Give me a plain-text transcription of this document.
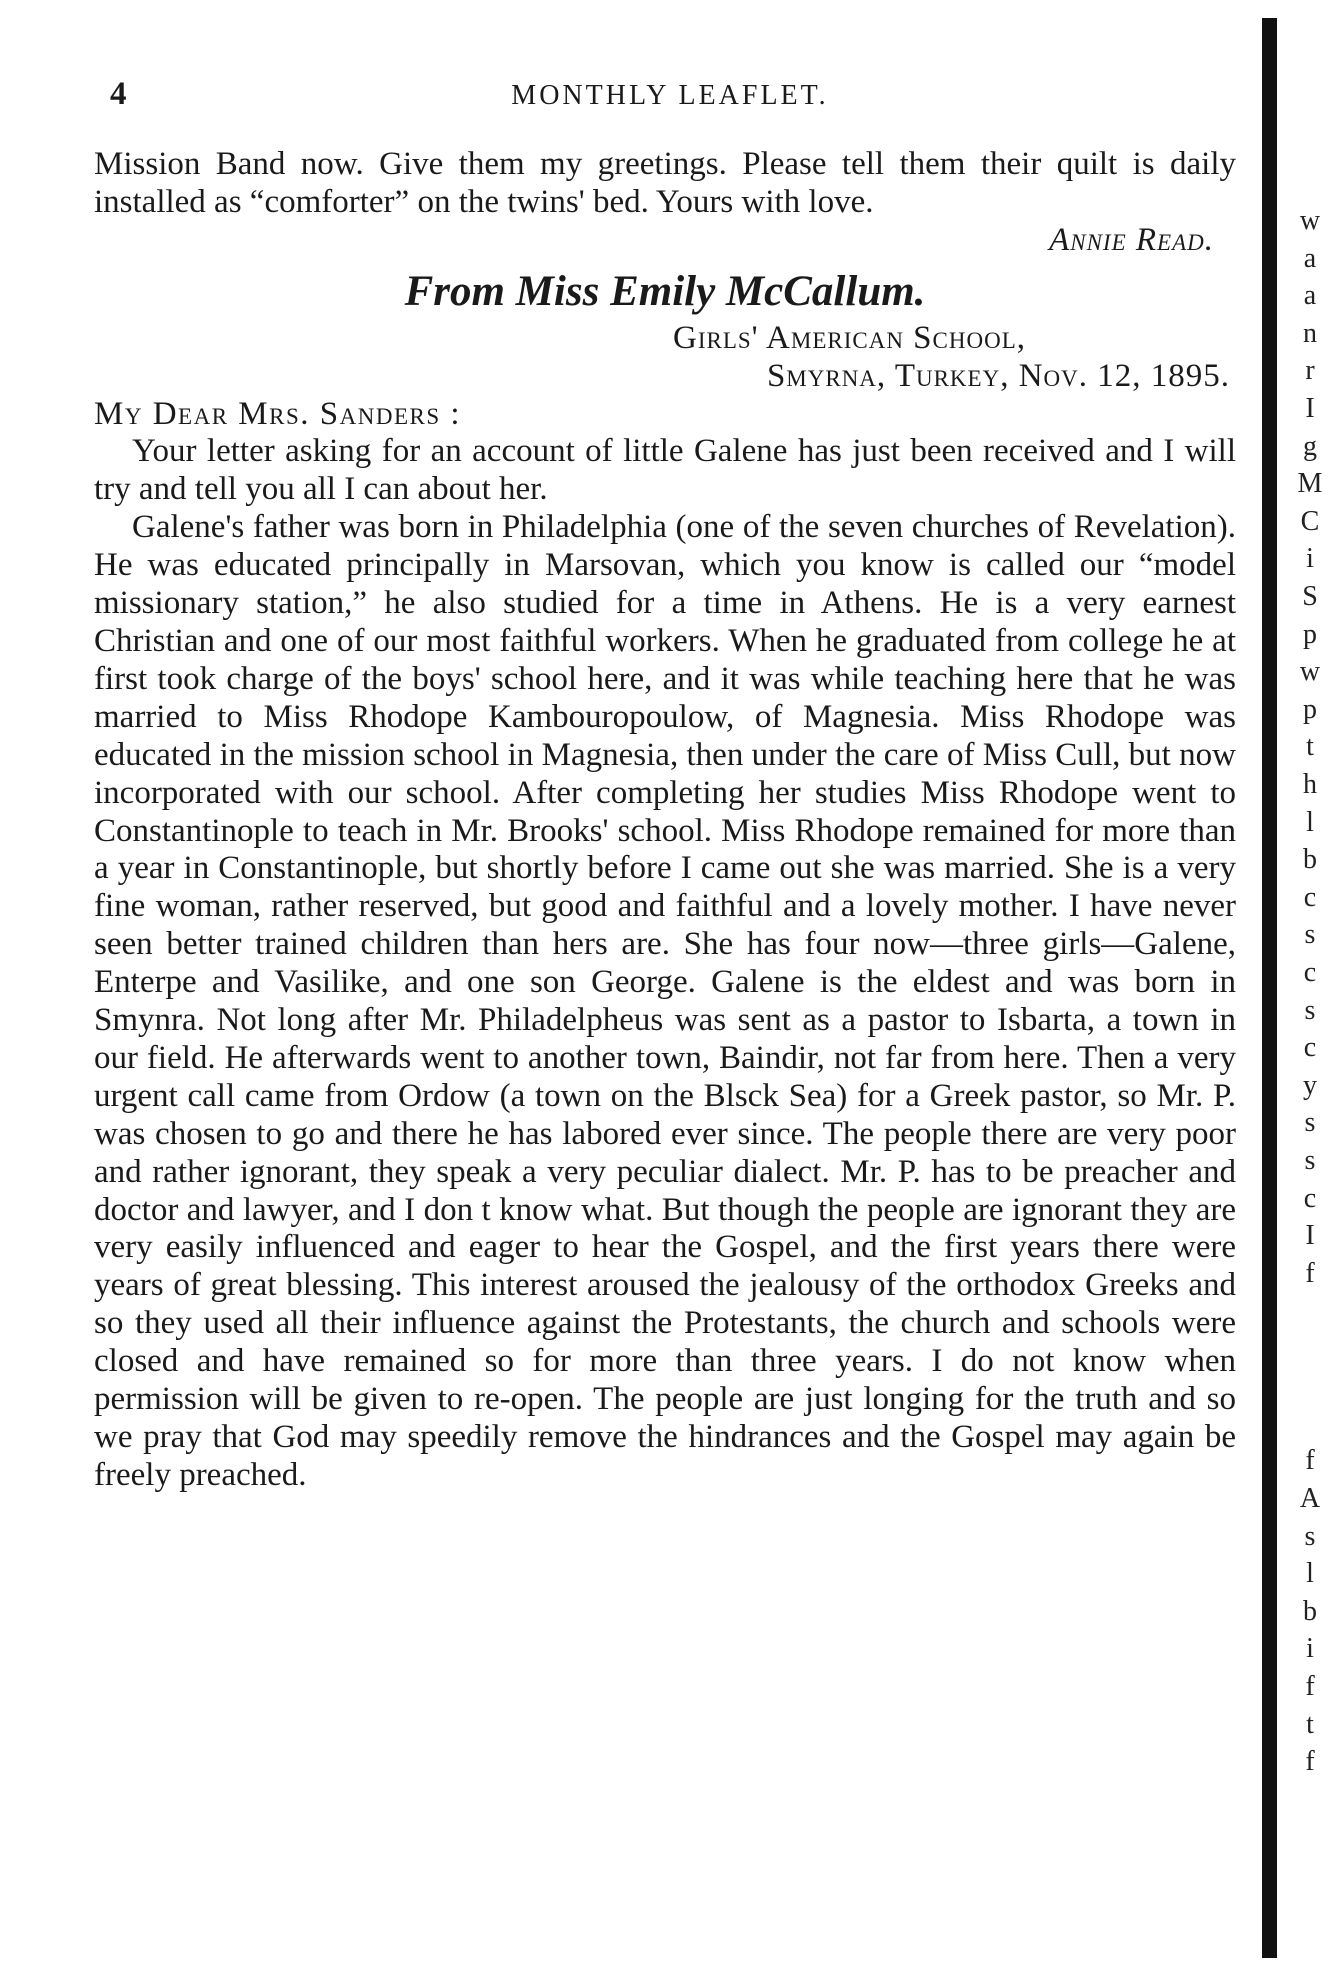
4	MONTHLY LEAFLET.

Mission Band now. Give them my greetings. Please tell them their quilt is daily installed as “comforter” on the twins' bed. Yours with love.

Annie Read.
From Miss Emily McCallum.
Girls' American School,
Smyrna, Turkey, Nov. 12, 1895.
My Dear Mrs. Sanders :

Your letter asking for an account of little Galene has just been received and I will try and tell you all I can about her.

Galene's father was born in Philadelphia (one of the seven churches of Revelation). He was educated principally in Marsovan, which you know is called our “model missionary station,” he also studied for a time in Athens. He is a very earnest Christian and one of our most faithful workers. When he graduated from college he at first took charge of the boys' school here, and it was while teaching here that he was married to Miss Rhodope Kambouropoulow, of Magnesia. Miss Rhodope was educated in the mission school in Magnesia, then under the care of Miss Cull, but now incorporated with our school. After completing her studies Miss Rhodope went to Constantinople to teach in Mr. Brooks' school. Miss Rhodope remained for more than a year in Constantinople, but shortly before I came out she was married. She is a very fine woman, rather reserved, but good and faithful and a lovely mother. I have never seen better trained children than hers are. She has four now—three girls—Galene, Enterpe and Vasilike, and one son George. Galene is the eldest and was born in Smynra. Not long after Mr. Philadelpheus was sent as a pastor to Isbarta, a town in our field. He afterwards went to another town, Baindir, not far from here. Then a very urgent call came from Ordow (a town on the Blsck Sea) for a Greek pastor, so Mr. P. was chosen to go and there he has labored ever since. The people there are very poor and rather ignorant, they speak a very peculiar dialect. Mr. P. has to be preacher and doctor and lawyer, and I don t know what. But though the people are ignorant they are very easily influenced and eager to hear the Gospel, and the first years there were years of great blessing. This interest aroused the jealousy of the orthodox Greeks and so they used all their influence against the Protestants, the church and schools were closed and have remained so for more than three years. I do not know when permission will be given to re-open. The people are just longing for the truth and so we pray that God may speedily remove the hindrances and the Gospel may again be freely preached.

w
a
a
n
r
I
g
M
C
i
S
p
w
p
t
h
l
b
c
s
c
s
c
y
s
s
c
I
f
f
A
s
l
b
i
f
t
f
